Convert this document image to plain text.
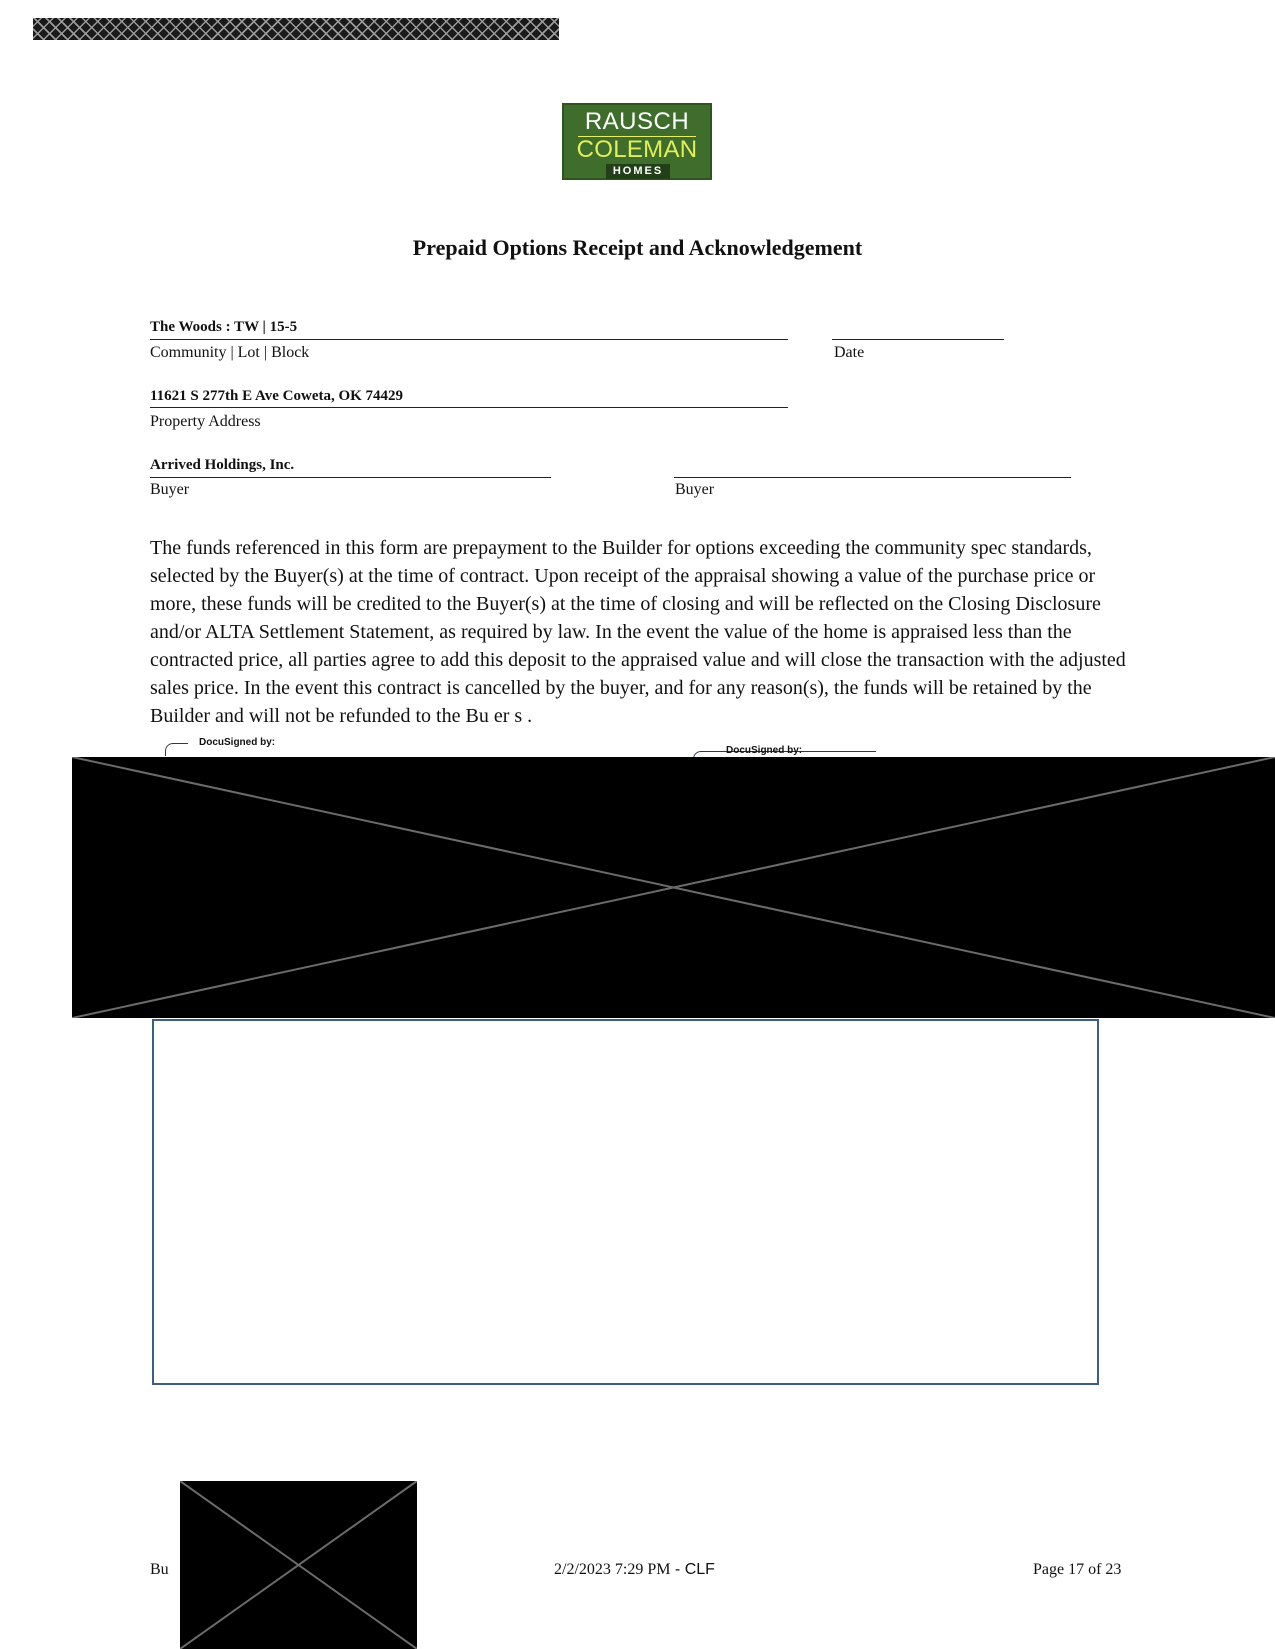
RAUSCH
COLEMAN
HOMES
Prepaid Options Receipt and Acknowledgement
The Woods : TW | 15-5
Community | Lot | Block	Date
11621 S 277th E Ave Coweta, OK 74429
Property Address
Arrived Holdings, Inc.
Buyer	Buyer
The funds referenced in this form are prepayment to the Builder for options exceeding the community spec standards, selected by the Buyer(s) at the time of contract. Upon receipt of the appraisal showing a value of the purchase price or more, these funds will be credited to the Buyer(s) at the time of closing and will be reflected on the Closing Disclosure and/or ALTA Settlement Statement, as required by law. In the event the value of the home is appraised less than the contracted price, all parties agree to add this deposit to the appraised value and will close the transaction with the adjusted sales price. In the event this contract is cancelled by the buyer, and for any reason(s), the funds will be retained by the Builder and will not be refunded to the Bu er s .
DocuSigned by:
DocuSigned by:
Bu	2/2/2023 7:29 PM - CLF	Page 17 of 23
